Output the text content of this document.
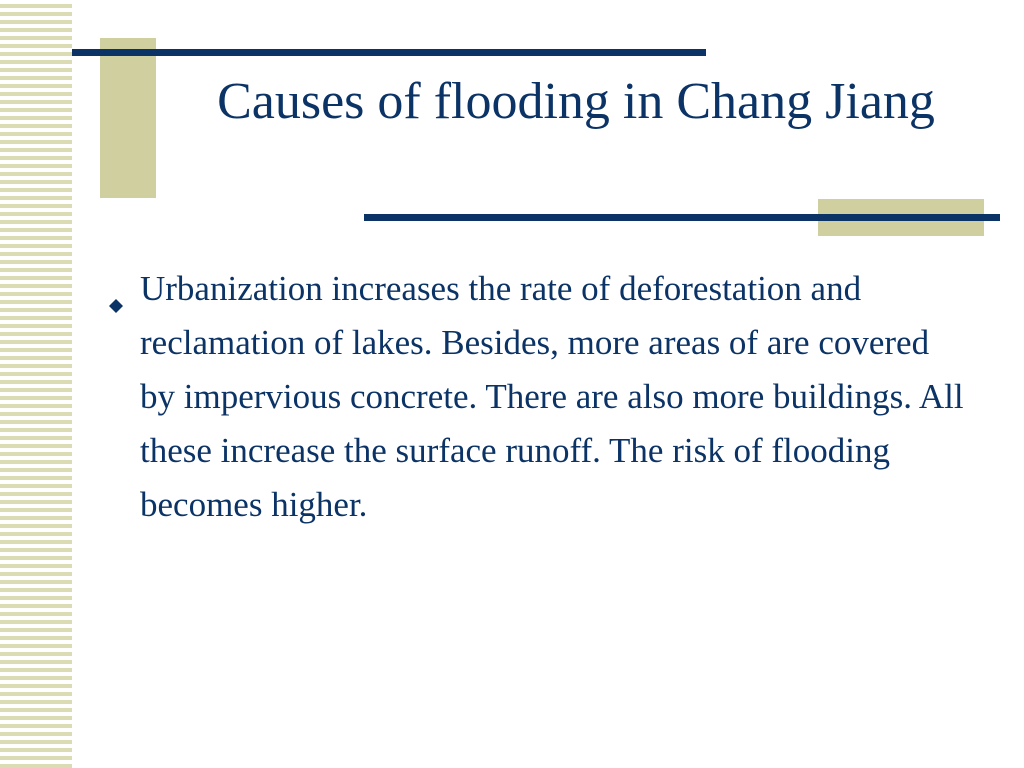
Causes of flooding in Chang Jiang
Urbanization increases the rate of deforestation and reclamation of lakes. Besides, more areas of are covered by impervious concrete. There are also more buildings. All these increase the surface runoff. The risk of flooding becomes higher.
